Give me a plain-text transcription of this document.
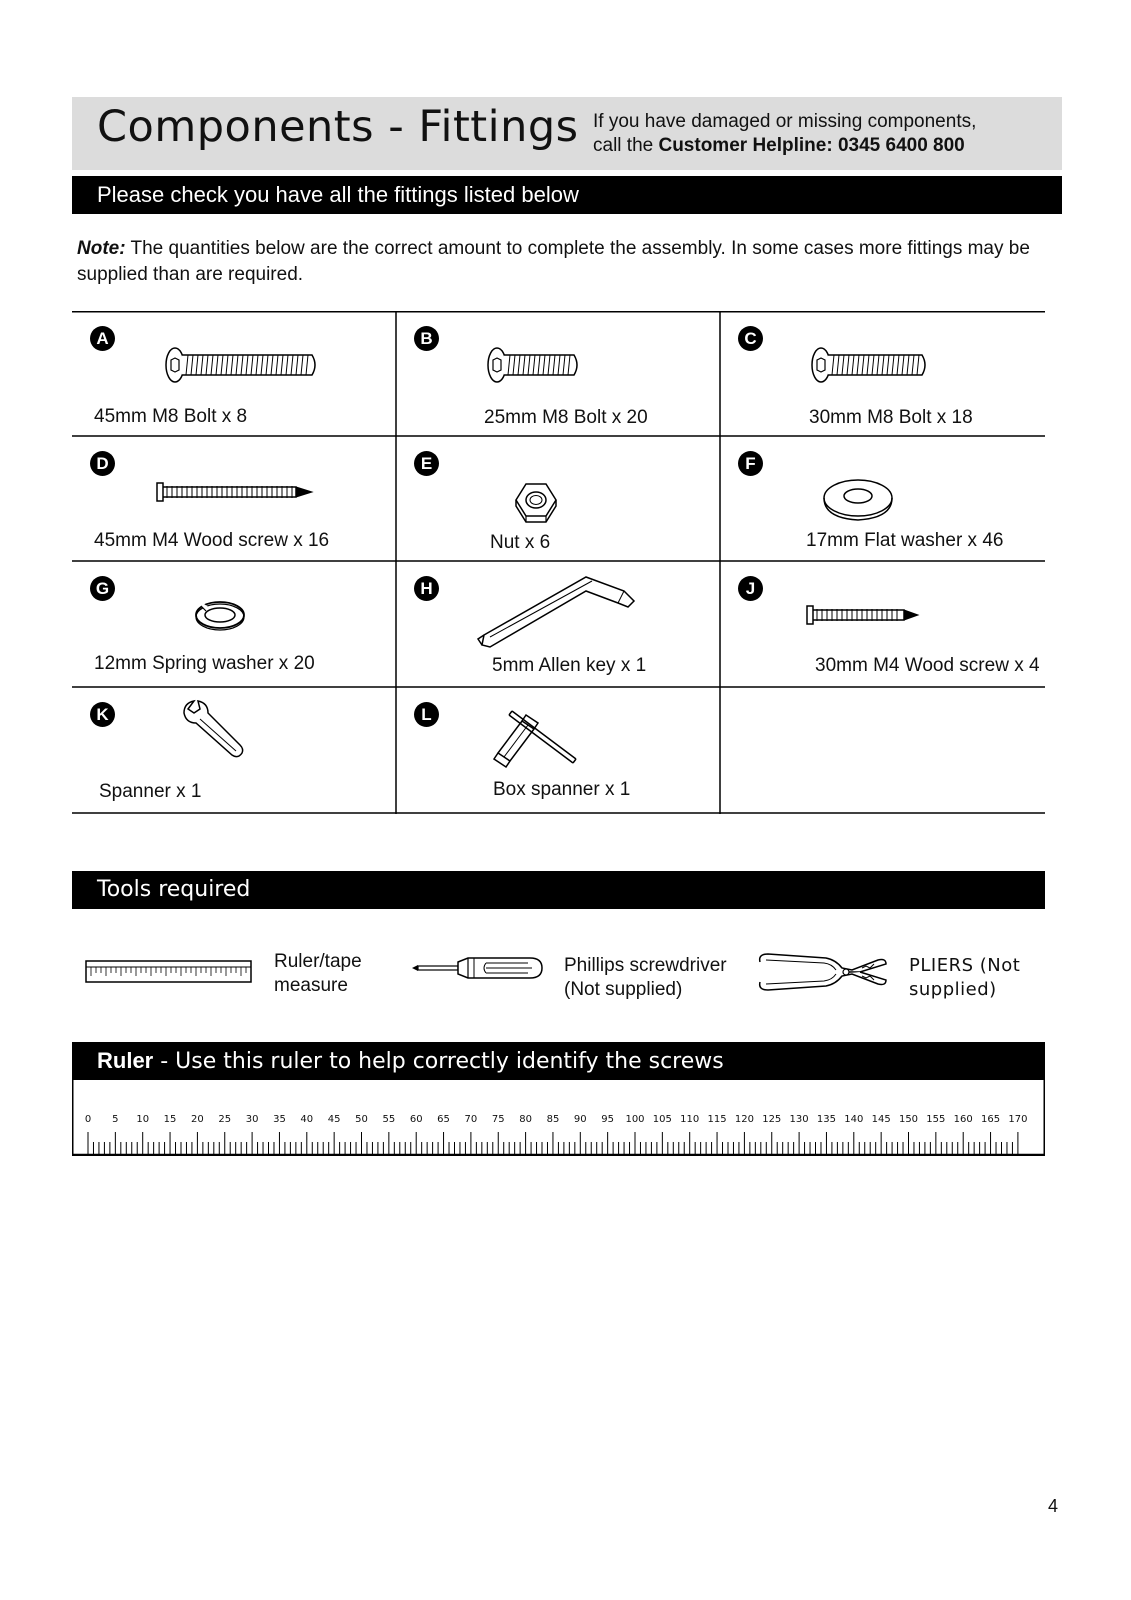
Components - Fittings If you have damaged or missing components,
call the Customer Helpline: 0345 6400 800
Please check you have all the fittings listed below
Note: The quantities below are the correct amount to complete the assembly. In some cases more fittings may be supplied than are required.
A
45mm M8 Bolt x 8
B
25mm M8 Bolt x 20
C
30mm M8 Bolt x 18
D
45mm M4 Wood screw x 16
E
Nut x 6
F
17mm Flat washer x 46
G
12mm Spring washer x 20
H
5mm Allen key x 1
J
30mm M4 Wood screw x 4
K
Spanner x 1
L
Box spanner x 1
Tools required
Ruler/tape
measure
Phillips screwdriver
(Not supplied)
PLIERS (Not
supplied)
Ruler - Use this ruler to help correctly identify the screws
0 5 10 15 20 25 30 35 40 45 50 55 60 65 70 75 80 85 90 95 100 105 110 115 120 125 130 135 140 145 150 155 160 165 170
4
